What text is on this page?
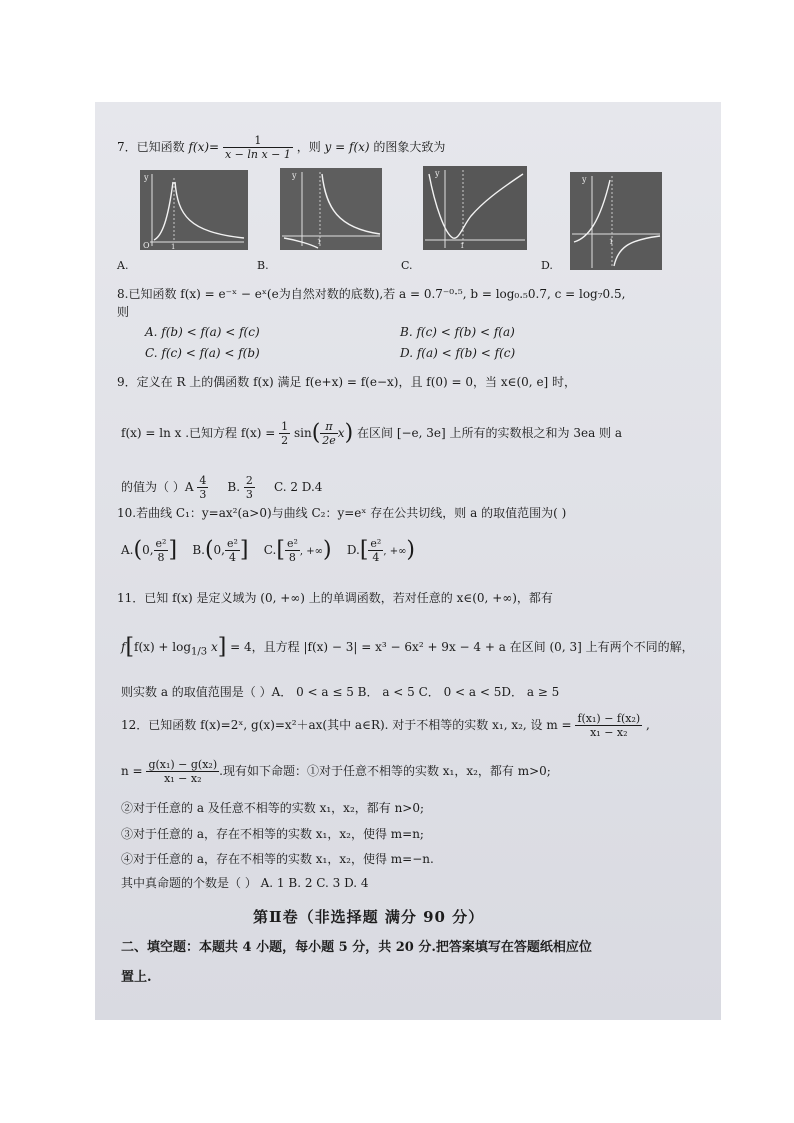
7．已知函数 $f(x)= \frac{1}{\text{x − ln x − 1}}$ ，则 y = f(x) 的图象大致为
y
O	1
A.
y
1
B.
y
1
C.
y
1
D.
8.已知函数 f(x) = e⁻ˣ − eˣ(e为自然对数的底数),若 a = 0.7⁻⁰·⁵, b = log₀.₅0.7, c = log₇0.5,
则
A. f(b) < f(a) < f(c)	B. f(c) < f(b) < f(a)
C. f(c) < f(a) < f(b)	D. f(a) < f(b) < f(c)
9．定义在 R 上的偶函数 f(x) 满足 f(e+x) = f(e−x)，且 f(0) = 0，当 x∈(0, e] 时，
f(x) = ln x .已知方程 $f(x) = \frac{1}{2} \sin( \frac{\pi}{2e} x)$ 在区间 [−e, 3e] 上所有的实数根之和为 3ea 则 a
的值为（ ）$A \frac{4}{3} B$. $\frac{2}{3} C$. 2 D.4
10.若曲线 C₁：y=ax²(a>0)与曲线 C₂：y=eˣ 存在公共切线，则 a 的取值范围为( )
A.(0, $\frac{\text{e²}}{8}$ ] B.(0, $\frac{\text{e²}}{4}$ ] $C.[ \frac{\text{e²}}{8}$ , +∞) $D.[ \frac{\text{e²}}{4}$ , +∞)
11．已知 f(x) 是定义域为 (0, +∞) 上的单调函数，若对任意的 x∈(0, +∞)，都有
$f[f(x) + \log_{1/3} x] = 4$，且方程 |f(x) − 3| = x³ − 6x² + 9x − 4 + a 在区间 (0, 3] 上有两个不同的解，
则实数 a 的取值范围是（ ）A． 0 < a ≤ 5 B． a < 5 C． 0 < a < 5D． a ≥ 5
12．已知函数 f(x)=2ˣ, g(x)=x²＋ax(其中 a∈R). 对于不相等的实数 x₁, x₂, 设 $m = \frac{\text{f(x₁) − f(x₂)}}{\text{x₁ − x₂}}$ ,
$n = \frac{\text{g(x₁) − g(x₂)}}{\text{x₁ − x₂}}$ .现有如下命题：①对于任意不相等的实数 x₁，x₂，都有 m>0;
②对于任意的 a 及任意不相等的实数 x₁，x₂，都有 n>0;
③对于任意的 a，存在不相等的实数 x₁，x₂，使得 m=n;
④对于任意的 a，存在不相等的实数 x₁，x₂，使得 m=−n.
其中真命题的个数是（ ） A. 1 B. 2 C. 3 D. 4
第Ⅱ卷（非选择题 满分 90 分）
二、填空题：本题共 4 小题，每小题 5 分，共 20 分.把答案填写在答题纸相应位
置上.
